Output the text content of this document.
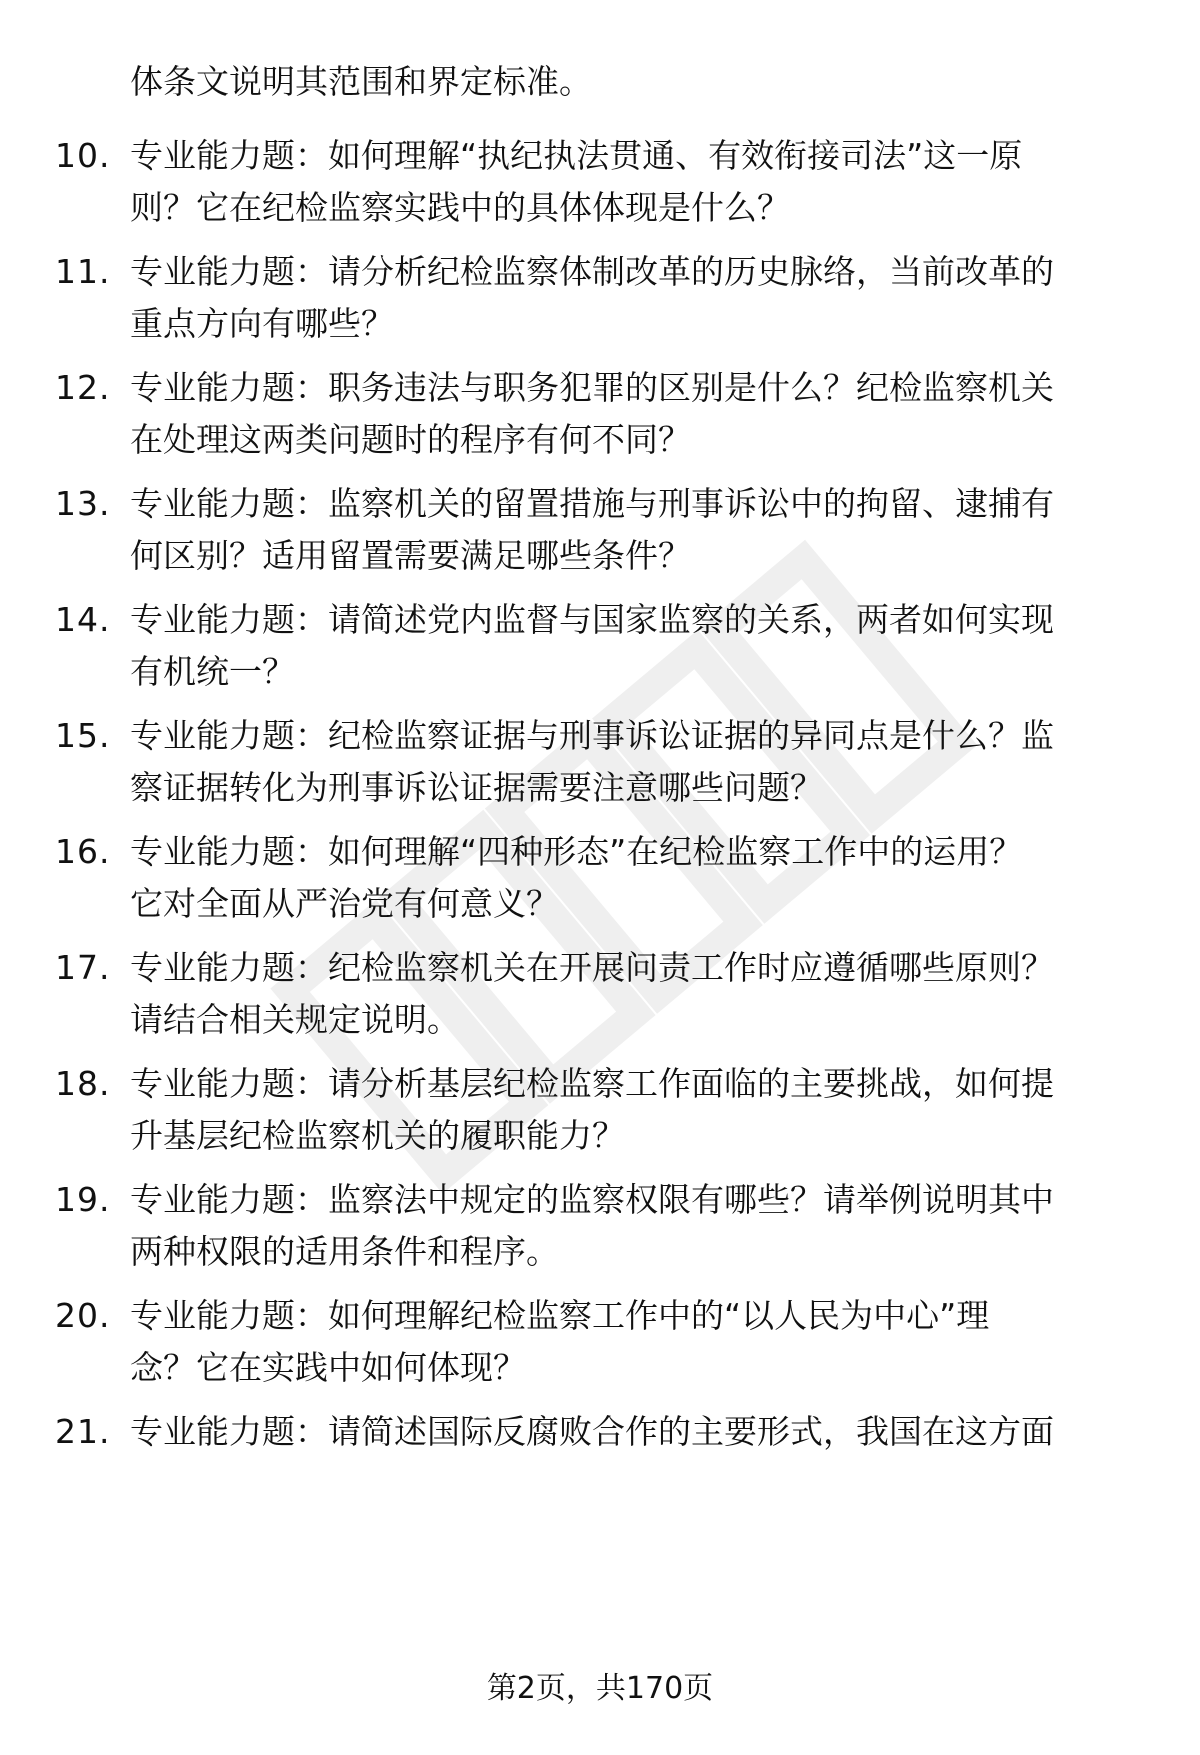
体条文说明其范围和界定标准。

10. 专业能力题：如何理解“执纪执法贯通、有效衔接司法”这一原
则？它在纪检监察实践中的具体体现是什么？
11. 专业能力题：请分析纪检监察体制改革的历史脉络，当前改革的
重点方向有哪些？
12. 专业能力题：职务违法与职务犯罪的区别是什么？纪检监察机关
在处理这两类问题时的程序有何不同？
13. 专业能力题：监察机关的留置措施与刑事诉讼中的拘留、逮捕有
何区别？适用留置需要满足哪些条件？
14. 专业能力题：请简述党内监督与国家监察的关系，两者如何实现
有机统一？
15. 专业能力题：纪检监察证据与刑事诉讼证据的异同点是什么？监
察证据转化为刑事诉讼证据需要注意哪些问题？
16. 专业能力题：如何理解“四种形态”在纪检监察工作中的运用？
它对全面从严治党有何意义？
17. 专业能力题：纪检监察机关在开展问责工作时应遵循哪些原则？
请结合相关规定说明。
18. 专业能力题：请分析基层纪检监察工作面临的主要挑战，如何提
升基层纪检监察机关的履职能力？
19. 专业能力题：监察法中规定的监察权限有哪些？请举例说明其中
两种权限的适用条件和程序。
20. 专业能力题：如何理解纪检监察工作中的“以人民为中心”理
念？它在实践中如何体现？
21. 专业能力题：请简述国际反腐败合作的主要形式，我国在这方面
第2页，共170页
